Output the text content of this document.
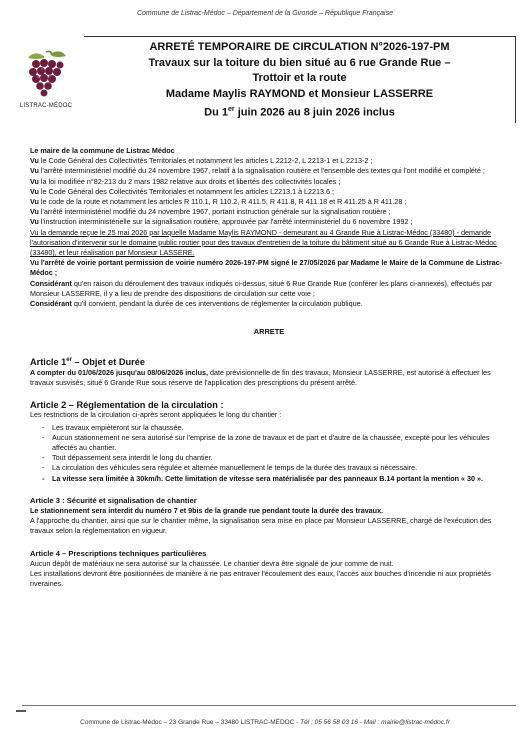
Commune de Listrac-Médoc – Département de la Gironde – République Française
LISTRAC-MÉDOC
ARRETÉ TEMPORAIRE DE CIRCULATION N°2026-197-PM
Travaux sur la toiture du bien situé au 6 rue Grande Rue –
Trottoir et la route
Madame Maylis RAYMOND et Monsieur LASSERRE
Du 1er juin 2026 au 8 juin 2026 inclus

Le maire de la commune de Listrac Médoc

Vu le Code Général des Collectivités Territoriales et notamment les articles L 2212-2, L 2213-1 et L 2213-2 ;

Vu l'arrêté interministériel modifié du 24 novembre 1967, relatif à la signalisation routière et l'ensemble des textes qui l'ont modifié et complété ;

Vu la loi modifiée n°82-213 du 2 mars 1982 relative aux droits et libertés des collectivités locales ;

Vu le Code Général des Collectivités Territoriales et notamment les articles L2213.1 à L2213.6 ;

Vu le code de la route et notamment les articles R 110.1, R 110.2, R 411.5, R 411.8, R 411.18 et R 411.25 à R 411.28 ;

Vu l'arrêté interministériel modifié du 24 novembre 1967, portant instruction générale sur la signalisation routière ;

Vu l'instruction interministérielle sur la signalisation routière, approuvée par l'arrêté interministériel du 6 novembre 1992 ;

Vu la demande reçue le 25 mai 2026 par laquelle Madame Maylis RAYMOND - demeurant au 4 Grande Rue à Listrac-Médoc (33480) - demande l'autorisation d'intervenir sur le domaine public routier pour des travaux d'entretien de la toiture du bâtiment situé au 6 Grande Rue à Listrac-Médoc (33480), et leur réalisation par Monsieur LASSERE.

Vu l'arrêté de voirie portant permission de voirie numéro 2026-197-PM signé le 27/05/2026 par Madame le Maire de la Commune de Listrac-Médoc ;

Considérant qu'en raison du déroulement des travaux indiqués ci-dessus, situé 6 Rue Grande Rue (conférer les plans ci-annexés), effectués par Monsieur LASSERRE, il y a lieu de prendre des dispositions de circulation sur cette voie ;

Considérant qu'il convient, pendant la durée de ces interventions de réglementer la circulation publique.

ARRETE

Article 1er – Objet et Durée

A compter du 01/06/2026 jusqu'au 08/06/2026 inclus, date prévisionnelle de fin des travaux, Monsieur LASSERRE, est autorisé à effectuer les travaux susvisés, situé 6 Grande Rue sous réserve de l'application des prescriptions du présent arrêté.

Article 2 – Réglementation de la circulation :

Les restrictions de la circulation ci-après seront appliquées le long du chantier :

- Les travaux empièteront sur la chaussée.
- Aucun stationnement ne sera autorisé sur l'emprise de la zone de travaux et de part et d'autre de la chaussée, excepté pour les véhicules affectés au chantier.
- Tout dépassement sera interdit le long du chantier.
- La circulation des véhicules sera régulée et alternée manuellement le temps de la durée des travaux si nécessaire.
- La vitesse sera limitée à 30km/h. Cette limitation de vitesse sera matérialisée par des panneaux B.14 portant la mention « 30 ».

Article 3 : Sécurité et signalisation de chantier

Le stationnement sera interdit du numéro 7 et 9bis de la grande rue pendant toute la durée des travaux.

A l'approche du chantier, ainsi que sur le chantier même, la signalisation sera mise en place par Monsieur LASSERRE, chargé de l'exécution des travaux selon la réglementation en vigueur.

Article 4 – Prescriptions techniques particulières

Aucun dépôt de matériaux ne sera autorisé sur la chaussée. Le chantier devra être signalé de jour comme de nuit.

Les installations devront être positionnées de manière à ne pas entraver l'écoulement des eaux, l'accès aux bouches d'incendie ni aux propriétés riveraines.

Commune de Listrac-Médoc – 23 Grande Rue – 33480 LISTRAC-MÉDOC - Tél : 05 56 58 03 16 - Mail : mairie@listrac-médoc.fr
